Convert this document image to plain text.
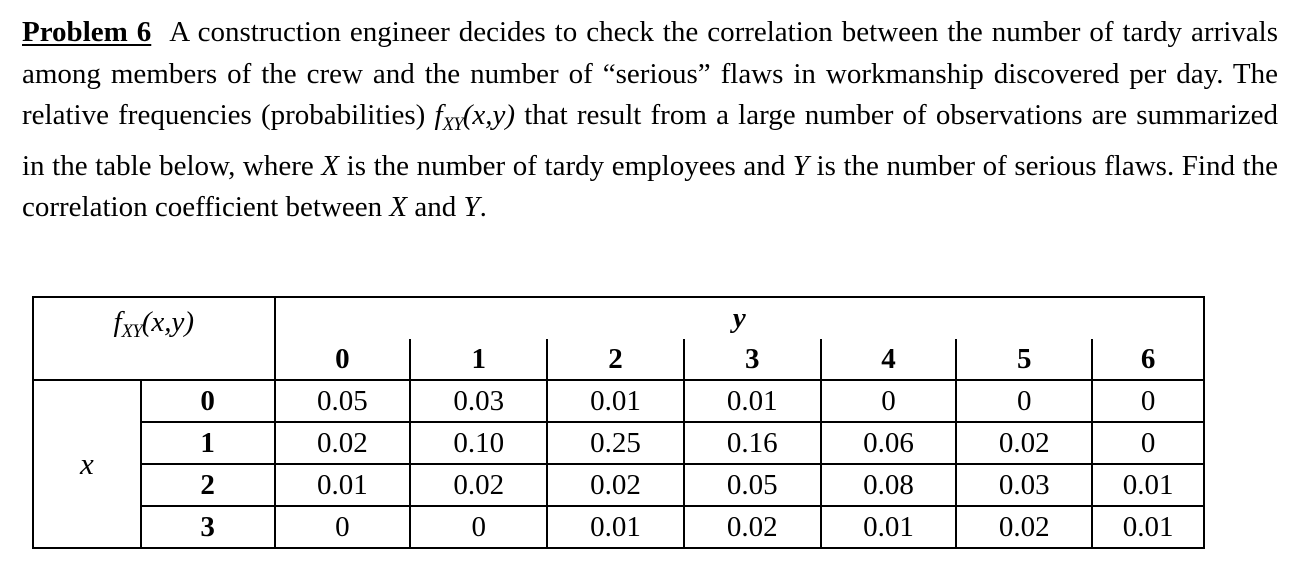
Problem 6 A construction engineer decides to check the correlation between the number of tardy arrivals among members of the crew and the number of “serious” flaws in workmanship discovered per day. The relative frequencies (probabilities) $f_{XY}(x,y)$ that result from a large number of observations are summarized in the table below, where X is the number of tardy employees and Y is the number of serious flaws. Find the correlation coefficient between X and Y.
$f_{XY}(x,y)$		y						
		0	1	2	3	4	5	6
x	0	0.05	0.03	0.01	0.01	0	0	0
	1	0.02	0.10	0.25	0.16	0.06	0.02	0
	2	0.01	0.02	0.02	0.05	0.08	0.03	0.01
	3	0	0	0.01	0.02	0.01	0.02	0.01
